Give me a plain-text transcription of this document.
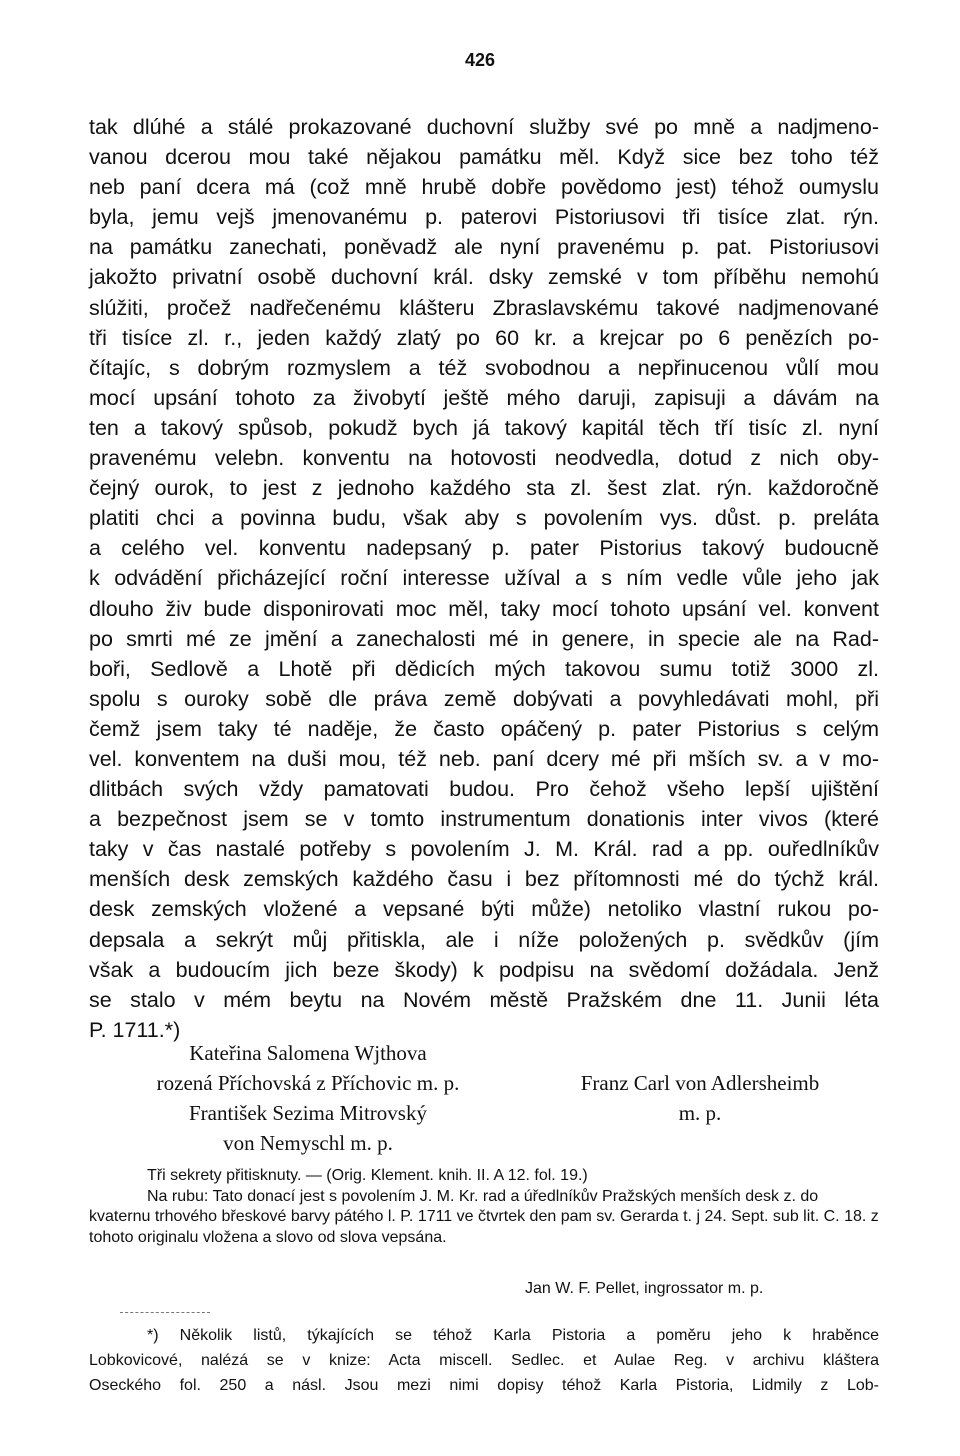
426
tak dlúhé a stálé prokazované duchovní služby své po mně a nadjmeno-
vanou dcerou mou také nějakou památku měl. Když sice bez toho též
neb paní dcera má (což mně hrubě dobře povědomo jest) téhož oumyslu
byla, jemu vejš jmenovanému p. paterovi Pistoriusovi tři tisíce zlat. rýn.
na památku zanechati, poněvadž ale nyní pravenému p. pat. Pistoriusovi
jakožto privatní osobě duchovní král. dsky zemské v tom příběhu nemohú
slúžiti, pročež nadřečenému klášteru Zbraslavskému takové nadjmenované
tři tisíce zl. r., jeden každý zlatý po 60 kr. a krejcar po 6 penězích po-
čítajíc, s dobrým rozmyslem a též svobodnou a nepřinucenou vůlí mou
mocí upsání tohoto za živobytí ještě mého daruji, zapisuji a dávám na
ten a takový spůsob, pokudž bych já takový kapitál těch tří tisíc zl. nyní
pravenému velebn. konventu na hotovosti neodvedla, dotud z nich oby-
čejný ourok, to jest z jednoho každého sta zl. šest zlat. rýn. každoročně
platiti chci a povinna budu, však aby s povolením vys. důst. p. preláta
a celého vel. konventu nadepsaný p. pater Pistorius takový budoucně
k odvádění přicházející roční interesse užíval a s ním vedle vůle jeho jak
dlouho živ bude disponirovati moc měl, taky mocí tohoto upsání vel. konvent
po smrti mé ze jmění a zanechalosti mé in genere, in specie ale na Rad-
boři, Sedlově a Lhotě při dědicích mých takovou sumu totiž 3000 zl.
spolu s ouroky sobě dle práva země dobývati a povyhledávati mohl, při
čemž jsem taky té naděje, že často opáčený p. pater Pistorius s celým
vel. konventem na duši mou, též neb. paní dcery mé při mších sv. a v mo-
dlitbách svých vždy pamatovati budou. Pro čehož všeho lepší ujištění
a bezpečnost jsem se v tomto instrumentum donationis inter vivos (které
taky v čas nastalé potřeby s povolením J. M. Král. rad a pp. ouředlníkův
menších desk zemských každého času i bez přítomnosti mé do týchž král.
desk zemských vložené a vepsané býti může) netoliko vlastní rukou po-
depsala a sekrýt můj přitiskla, ale i níže položených p. svědkův (jím
však a budoucím jich beze škody) k podpisu na svědomí dožádala. Jenž
se stalo v mém beytu na Novém městě Pražském dne 11. Junii léta
P. 1711.*)
Kateřina Salomena Wjthova
rozená Příchovská z Příchovic m. p.
František Sezima Mitrovský
von Nemyschl m. p.
Franz Carl von Adlersheimb
m. p.
Tři sekrety přitisknuty. — (Orig. Klement. knih. II. A 12. fol. 19.)
Na rubu: Tato donací jest s povolením J. M. Kr. rad a úředlníkův Pražských menších desk z. do kvaternu trhového břeskové barvy pátého l. P. 1711 ve čtvrtek den pam sv. Gerarda t. j 24. Sept. sub lit. C. 18. z tohoto originalu vložena a slovo od slova vepsána.
Jan W. F. Pellet, ingrossator m. p.
*) Několik listů, týkajících se téhož Karla Pistoria a poměru jeho k hraběnce
Lobkovicové, nalézá se v knize: Acta miscell. Sedlec. et Aulae Reg. v archivu kláštera
Oseckého fol. 250 a násl. Jsou mezi nimi dopisy téhož Karla Pistoria, Lidmily z Lob-
